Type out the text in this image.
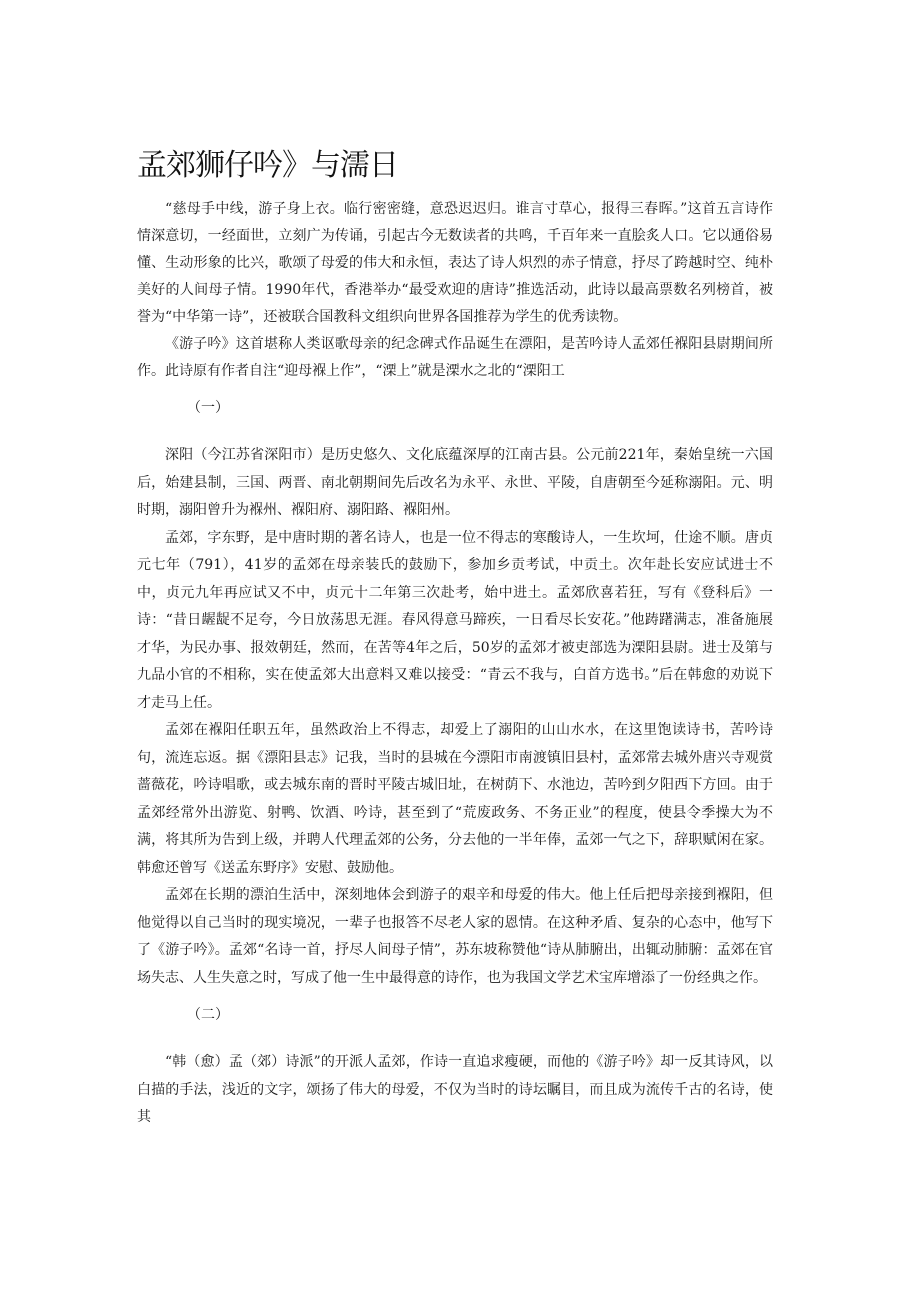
孟郊狮仔吟》与濡日

“慈母手中线，游子身上衣。临行密密缝，意恐迟迟归。谁言寸草心，报得三春晖。”这首五言诗作情深意切，一经面世，立刻广为传诵，引起古今无数读者的共鸣，千百年来一直脍炙人口。它以通俗易懂、生动形象的比兴，歌颂了母爱的伟大和永恒，表达了诗人炽烈的赤子情意，抒尽了跨越时空、纯朴美好的人间母子情。1990年代，香港举办“最受欢迎的唐诗”推选活动，此诗以最高票数名列榜首，被誉为“中华第一诗”，还被联合国教科文组织向世界各国推荐为学生的优秀读物。

《游子吟》这首堪称人类讴歌母亲的纪念碑式作品诞生在漂阳，是苦吟诗人孟郊任褓阳县尉期间所作。此诗原有作者自注“迎母褓上作”，“溧上”就是溧水之北的“溧阳工

（一）

深阳（今江苏省深阳市）是历史悠久、文化底蕴深厚的江南古县。公元前221年，秦始皇统一六国后，始建县制，三国、两晋、南北朝期间先后改名为永平、永世、平陵，自唐朝至今延称溺阳。元、明时期，溺阳曾升为褓州、褓阳府、溺阳路、褓阳州。

孟郊，字东野，是中唐时期的著名诗人，也是一位不得志的寒酸诗人，一生坎坷，仕途不顺。唐贞元七年（791），41岁的孟郊在母亲装氏的鼓励下，参加乡贡考试，中贡土。次年赴长安应试进士不中，贞元九年再应试又不中，贞元十二年第三次赴考，始中进土。孟郊欣喜若狂，写有《登科后》一诗：“昔日龌龊不足夸，今日放荡思无涯。春风得意马蹄疾，一日看尽长安花。”他踌躇满志，准备施展才华，为民办事、报效朝廷，然而，在苦等4年之后，50岁的孟郊才被吏部选为溧阳县尉。进士及第与九品小官的不相称，实在使孟郊大出意料又难以接受：“青云不我与，白首方选书。”后在韩愈的劝说下才走马上任。

孟郊在褓阳任职五年，虽然政治上不得志，却爱上了溺阳的山山水水，在这里饱读诗书，苦吟诗句，流连忘返。据《漂阳县志》记我，当时的县城在今漂阳市南渡镇旧县村，孟郊常去城外唐兴寺观赏蔷薇花，吟诗唱歌，或去城东南的晋时平陵古城旧址，在树荫下、水池边，苦吟到夕阳西下方回。由于孟郊经常外出游览、射鸭、饮酒、吟诗，甚至到了“荒废政务、不务正业”的程度，使县令季操大为不满，将其所为告到上级，并聘人代理孟郊的公务，分去他的一半年俸，孟郊一气之下，辞职赋闲在家。韩愈还曾写《送孟东野序》安慰、鼓励他。

孟郊在长期的漂泊生活中，深刻地体会到游子的艰辛和母爱的伟大。他上任后把母亲接到褓阳，但他觉得以自己当时的现实境况，一辈子也报答不尽老人家的恩情。在这种矛盾、复杂的心态中，他写下了《游子吟》。孟郊“名诗一首，抒尽人间母子情”，苏东坡称赞他“诗从肺腑出，出辄动肺腑：孟郊在官场失志、人生失意之时，写成了他一生中最得意的诗作，也为我国文学艺术宝库增添了一份经典之作。

（二）

“韩（愈）孟（郊）诗派”的开派人孟郊，作诗一直追求瘦硬，而他的《游子吟》却一反其诗风，以白描的手法，浅近的文字，颂扬了伟大的母爱，不仅为当时的诗坛瞩目，而且成为流传千古的名诗，使其
